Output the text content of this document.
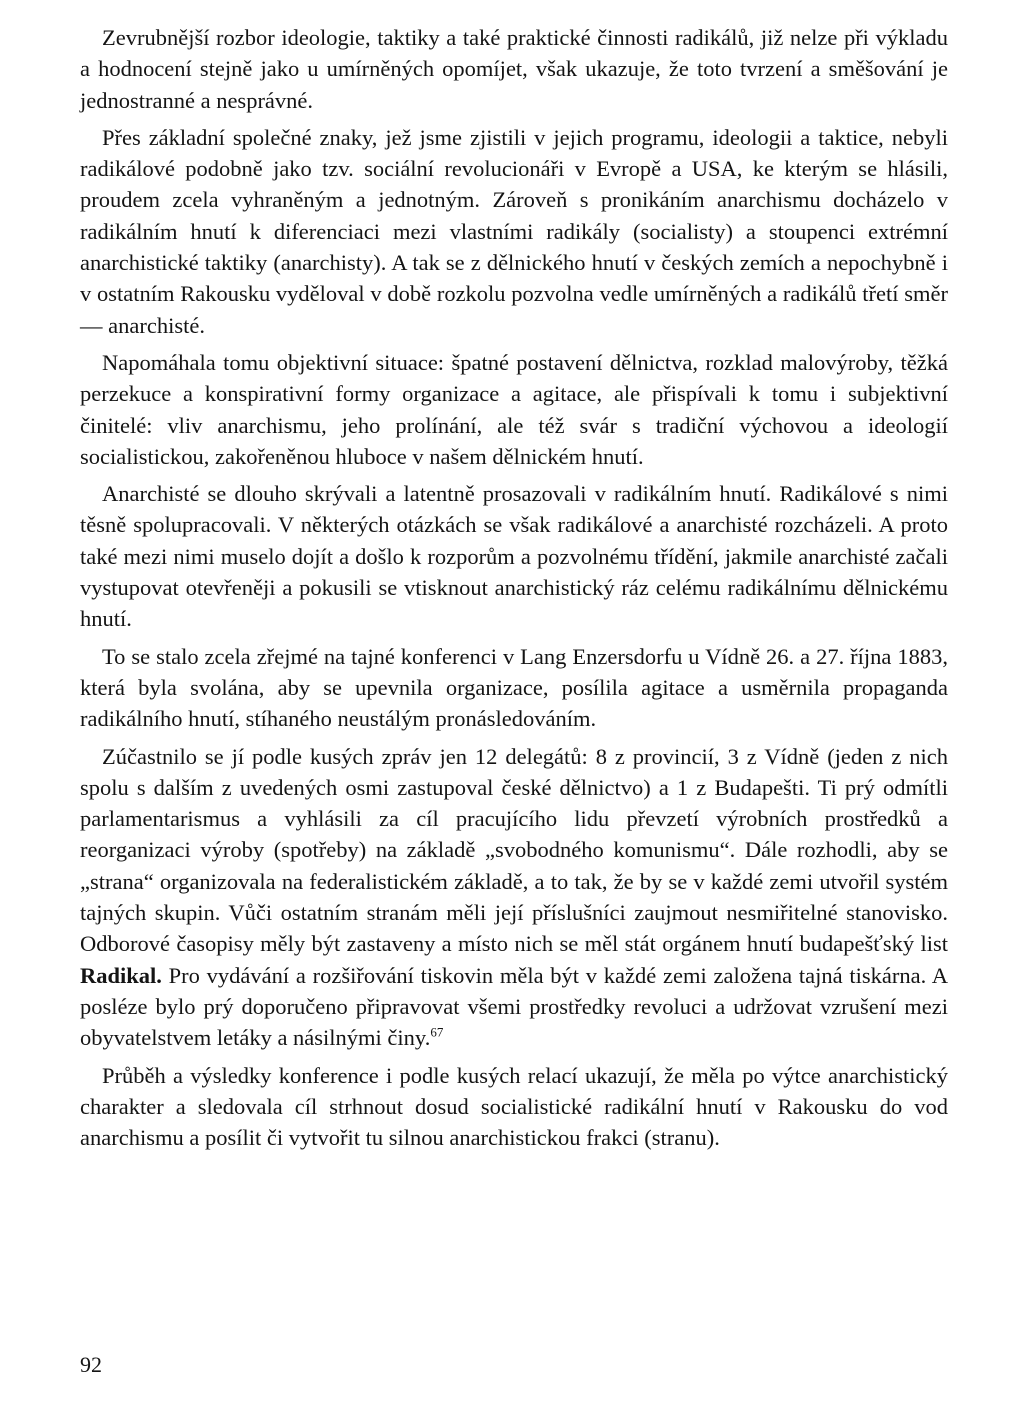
Zevrubnější rozbor ideologie, taktiky a také praktické činnosti radikálů, již nelze při výkladu a hodnocení stejně jako u umírněných opomíjet, však ukazuje, že toto tvrzení a směšování je jednostranné a nesprávné.

Přes základní společné znaky, jež jsme zjistili v jejich programu, ideologii a taktice, nebyli radikálové podobně jako tzv. sociální revolucionáři v Evropě a USA, ke kterým se hlásili, proudem zcela vyhraněným a jednotným. Zároveň s pronikáním anarchismu docházelo v radikálním hnutí k diferenciaci mezi vlastními radikály (socialisty) a stoupenci extrémní anarchistické taktiky (anarchisty). A tak se z dělnického hnutí v českých zemích a nepochybně i v ostatním Rakousku vyděloval v době rozkolu pozvolna vedle umírněných a radikálů třetí směr — anarchisté.

Napomáhala tomu objektivní situace: špatné postavení dělnictva, rozklad malovýroby, těžká perzekuce a konspirativní formy organizace a agitace, ale přispívali k tomu i subjektivní činitelé: vliv anarchismu, jeho prolínání, ale též svár s tradiční výchovou a ideologií socialistickou, zakořeněnou hluboce v našem dělnickém hnutí.

Anarchisté se dlouho skrývali a latentně prosazovali v radikálním hnutí. Radikálové s nimi těsně spolupracovali. V některých otázkách se však radikálové a anarchisté rozcházeli. A proto také mezi nimi muselo dojít a došlo k rozporům a pozvolnému třídění, jakmile anarchisté začali vystupovat otevřeněji a pokusili se vtisknout anarchistický ráz celému radikálnímu dělnickému hnutí.

To se stalo zcela zřejmé na tajné konferenci v Lang Enzersdorfu u Vídně 26. a 27. října 1883, která byla svolána, aby se upevnila organizace, posílila agitace a usměrnila propaganda radikálního hnutí, stíhaného neustálým pronásledováním.

Zúčastnilo se jí podle kusých zpráv jen 12 delegátů: 8 z provincií, 3 z Vídně (jeden z nich spolu s dalším z uvedených osmi zastupoval české dělnictvo) a 1 z Budapešti. Ti prý odmítli parlamentarismus a vyhlásili za cíl pracujícího lidu převzetí výrobních prostředků a reorganizaci výroby (spotřeby) na základě „svobodného komunismu“. Dále rozhodli, aby se „strana“ organizovala na federalistickém základě, a to tak, že by se v každé zemi utvořil systém tajných skupin. Vůči ostatním stranám měli její příslušníci zaujmout nesmiřitelné stanovisko. Odborové časopisy měly být zastaveny a místo nich se měl stát orgánem hnutí budapešťský list Radikal. Pro vydávání a rozšiřování tiskovin měla být v každé zemi založena tajná tiskárna. A posléze bylo prý doporučeno připravovat všemi prostředky revoluci a udržovat vzrušení mezi obyvatelstvem letáky a násilnými činy.$^{67}$

Průběh a výsledky konference i podle kusých relací ukazují, že měla po výtce anarchistický charakter a sledovala cíl strhnout dosud socialistické radikální hnutí v Rakousku do vod anarchismu a posílit či vytvořit tu silnou anarchistickou frakci (stranu).

92
